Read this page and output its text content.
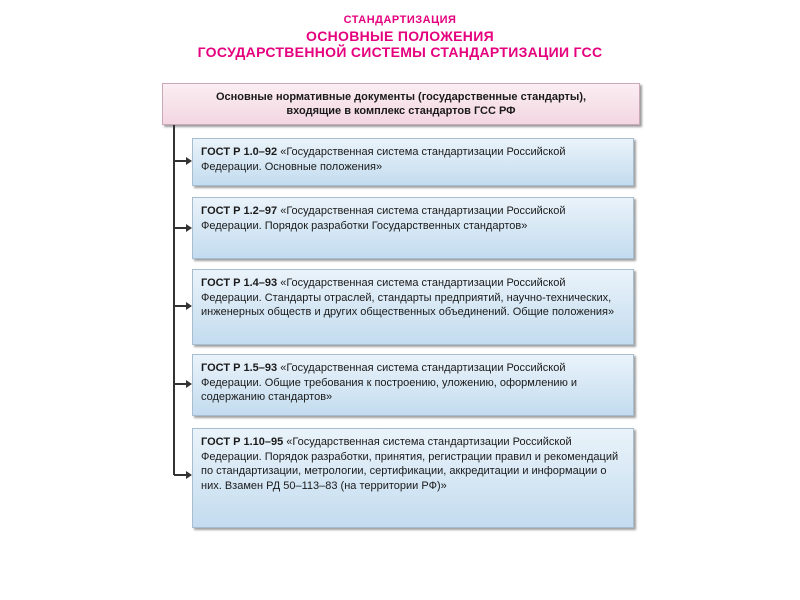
СТАНДАРТИЗАЦИЯ
ОСНОВНЫЕ ПОЛОЖЕНИЯ
ГОСУДАРСТВЕННОЙ СИСТЕМЫ СТАНДАРТИЗАЦИИ ГСС
Основные нормативные документы (государственные стандарты),
входящие в комплекс стандартов ГСС РФ
ГОСТ Р 1.0–92 «Государственная система стандартизации Российской Федерации. Основные положения»
ГОСТ Р 1.2–97 «Государственная система стандартизации Российской Федерации. Порядок разработки Государственных стандартов»
ГОСТ Р 1.4–93 «Государственная система стандартизации Российской Федерации. Стандарты отраслей, стандарты предприятий, научно-технических, инженерных обществ и других общественных объединений. Общие положения»
ГОСТ Р 1.5–93 «Государственная система стандартизации Российской Федерации. Общие требования к построению, уложению, оформлению и содержанию стандартов»
ГОСТ Р 1.10–95 «Государственная система стандартизации Российской Федерации. Порядок разработки, принятия, регистрации правил и рекомендаций по стандартизации, метрологии, сертификации, аккредитации и информации о них. Взамен РД 50–113–83 (на территории РФ)»
